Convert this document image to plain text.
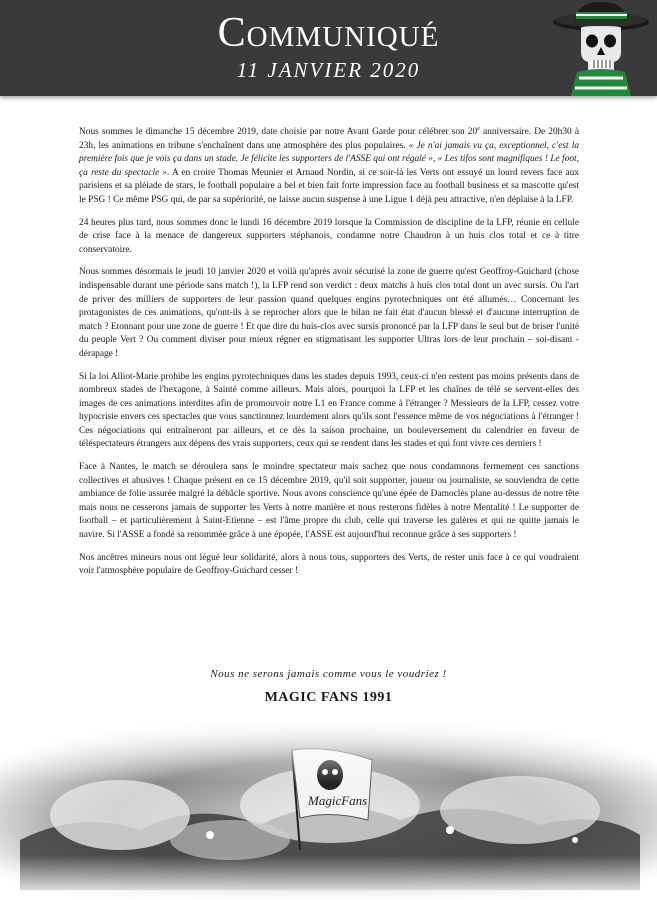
Communiqué
11 JANVIER 2020

Nous sommes le dimanche 15 décembre 2019, date choisie par notre Avant Garde pour célébrer son 20e anniversaire. De 20h30 à 23h, les animations en tribune s'enchaînent dans une atmosphère des plus populaires. « Je n'ai jamais vu ça, exceptionnel, c'est la première fois que je vois ça dans un stade. Je félicite les supporters de l'ASSE qui ont régalé », « Les tifos sont magnifiques ! Le foot, ça reste du spectacle ». A en croire Thomas Meunier et Arnaud Nordin, si ce soir-là les Verts ont essuyé un lourd revers face aux parisiens et sa pléiade de stars, le football populaire a bel et bien fait forte impression face au football business et sa mascotte qu'est le PSG ! Ce même PSG qui, de par sa supériorité, ne laisse aucun suspense à une Ligue 1 déjà peu attractive, n'en déplaise à la LFP.

24 heures plus tard, nous sommes donc le lundi 16 décembre 2019 lorsque la Commission de discipline de la LFP, réunie en cellule de crise face à la menace de dangereux supporters stéphanois, condamne notre Chaudron à un huis clos total et ce à titre conservatoire.

Nous sommes désormais le jeudi 10 janvier 2020 et voilà qu'après avoir sécurisé la zone de guerre qu'est Geoffroy-Guichard (chose indispensable durant une période sans match !), la LFP rend son verdict : deux matchs à huis clos total dont un avec sursis. Ou l'art de priver des milliers de supporters de leur passion quand quelques engins pyrotechniques ont été allumés… Concernant les protagonistes de ces animations, qu'ont-ils à se reprocher alors que le bilan ne fait état d'aucun blessé et d'aucune interruption de match ? Etonnant pour une zone de guerre ! Et que dire du huis-clos avec sursis prononcé par la LFP dans le seul but de briser l'unité du peuple Vert ? Ou comment diviser pour mieux régner en stigmatisant les supporter Ultras lors de leur prochain – soi-disant - dérapage !

Si la loi Alliot-Marie prohibe les engins pyrotechniques dans les stades depuis 1993, ceux-ci n'en restent pas moins présents dans de nombreux stades de l'hexagone, à Sainté comme ailleurs. Mais alors, pourquoi la LFP et les chaînes de télé se servent-elles des images de ces animations interdites afin de promouvoir notre L1 en France comme à l'étranger ? Messieurs de la LFP, cessez votre hypocrisie envers ces spectacles que vous sanctionnez lourdement alors qu'ils sont l'essence même de vos négociations à l'étranger ! Ces négociations qui entraîneront par ailleurs, et ce dès la saison prochaine, un bouleversement du calendrier en faveur de téléspectateurs étrangers aux dépens des vrais supporters, ceux qui se rendent dans les stades et qui font vivre ces derniers !

Face à Nantes, le match se déroulera sans le moindre spectateur mais sachez que nous condamnons fermement ces sanctions collectives et abusives ! Chaque présent en ce 15 décembre 2019, qu'il soit supporter, joueur ou journaliste, se souviendra de cette ambiance de folie assurée malgré la débâcle sportive. Nous avons conscience qu'une épée de Damoclès plane au-dessus de notre tête mais nous ne cesserons jamais de supporter les Verts à notre manière et nous resterons fidèles à notre Mentalité ! Le supporter de football – et particulièrement à Saint-Etienne – est l'âme propre du club, celle qui traverse les galères et qui ne quitte jamais le navire. Si l'ASSE a fondé sa renommée grâce à une épopée, l'ASSE est aujourd'hui reconnue grâce à ses supporters !

Nos ancêtres mineurs nous ont légué leur solidarité, alors à nous tous, supporters des Verts, de rester unis face à ce qui voudraient voir l'atmosphère populaire de Geoffroy-Guichard cesser !

Nous ne serons jamais comme vous le voudriez !
MAGIC FANS 1991
